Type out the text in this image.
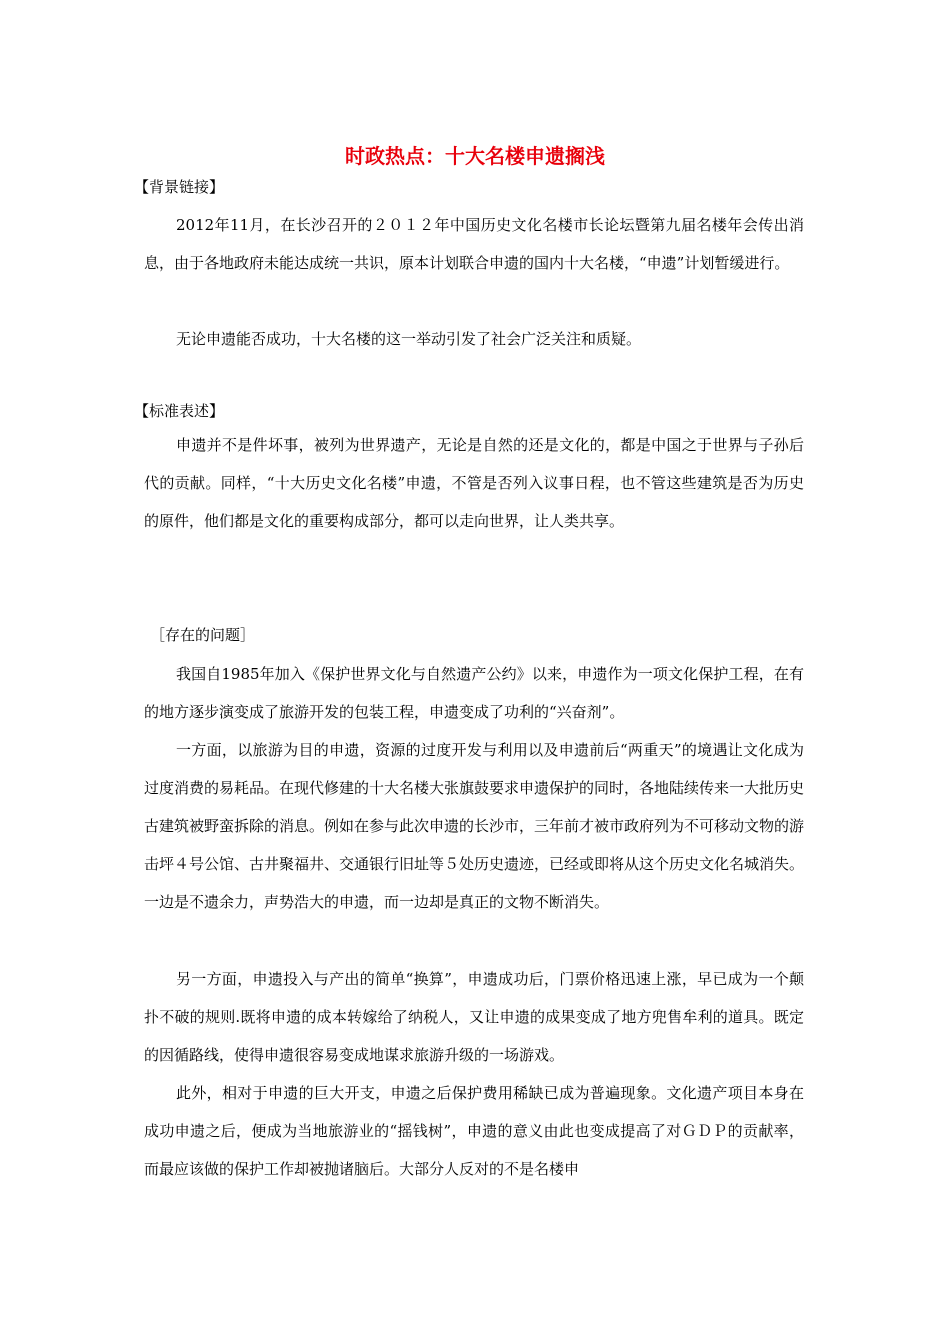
时政热点：十大名楼申遗搁浅

【背景链接】

2012年11月，在长沙召开的２０１２年中国历史文化名楼市长论坛暨第九届名楼年会传出消息，由于各地政府未能达成统一共识，原本计划联合申遗的国内十大名楼，“申遗”计划暂缓进行。

无论申遗能否成功，十大名楼的这一举动引发了社会广泛关注和质疑。

【标准表述】

申遗并不是件坏事，被列为世界遗产，无论是自然的还是文化的，都是中国之于世界与子孙后代的贡献。同样，“十大历史文化名楼”申遗，不管是否列入议事日程，也不管这些建筑是否为历史的原件，他们都是文化的重要构成部分，都可以走向世界，让人类共享。

［存在的问题］

我国自1985年加入《保护世界文化与自然遗产公约》以来，申遗作为一项文化保护工程，在有的地方逐步演变成了旅游开发的包装工程，申遗变成了功利的“兴奋剂”。

一方面，以旅游为目的申遗，资源的过度开发与利用以及申遗前后“两重天”的境遇让文化成为过度消费的易耗品。在现代修建的十大名楼大张旗鼓要求申遗保护的同时，各地陆续传来一大批历史古建筑被野蛮拆除的消息。例如在参与此次申遗的长沙市，三年前才被市政府列为不可移动文物的游击坪４号公馆、古井聚福井、交通银行旧址等５处历史遗迹，已经或即将从这个历史文化名城消失。一边是不遗余力，声势浩大的申遗，而一边却是真正的文物不断消失。

另一方面，申遗投入与产出的简单“换算”，申遗成功后，门票价格迅速上涨，早已成为一个颠扑不破的规则.既将申遗的成本转嫁给了纳税人，又让申遗的成果变成了地方兜售牟利的道具。既定的因循路线，使得申遗很容易变成地谋求旅游升级的一场游戏。

此外，相对于申遗的巨大开支，申遗之后保护费用稀缺已成为普遍现象。文化遗产项目本身在成功申遗之后，便成为当地旅游业的“摇钱树”，申遗的意义由此也变成提高了对ＧＤＰ的贡献率，而最应该做的保护工作却被抛诸脑后。大部分人反对的不是名楼申
